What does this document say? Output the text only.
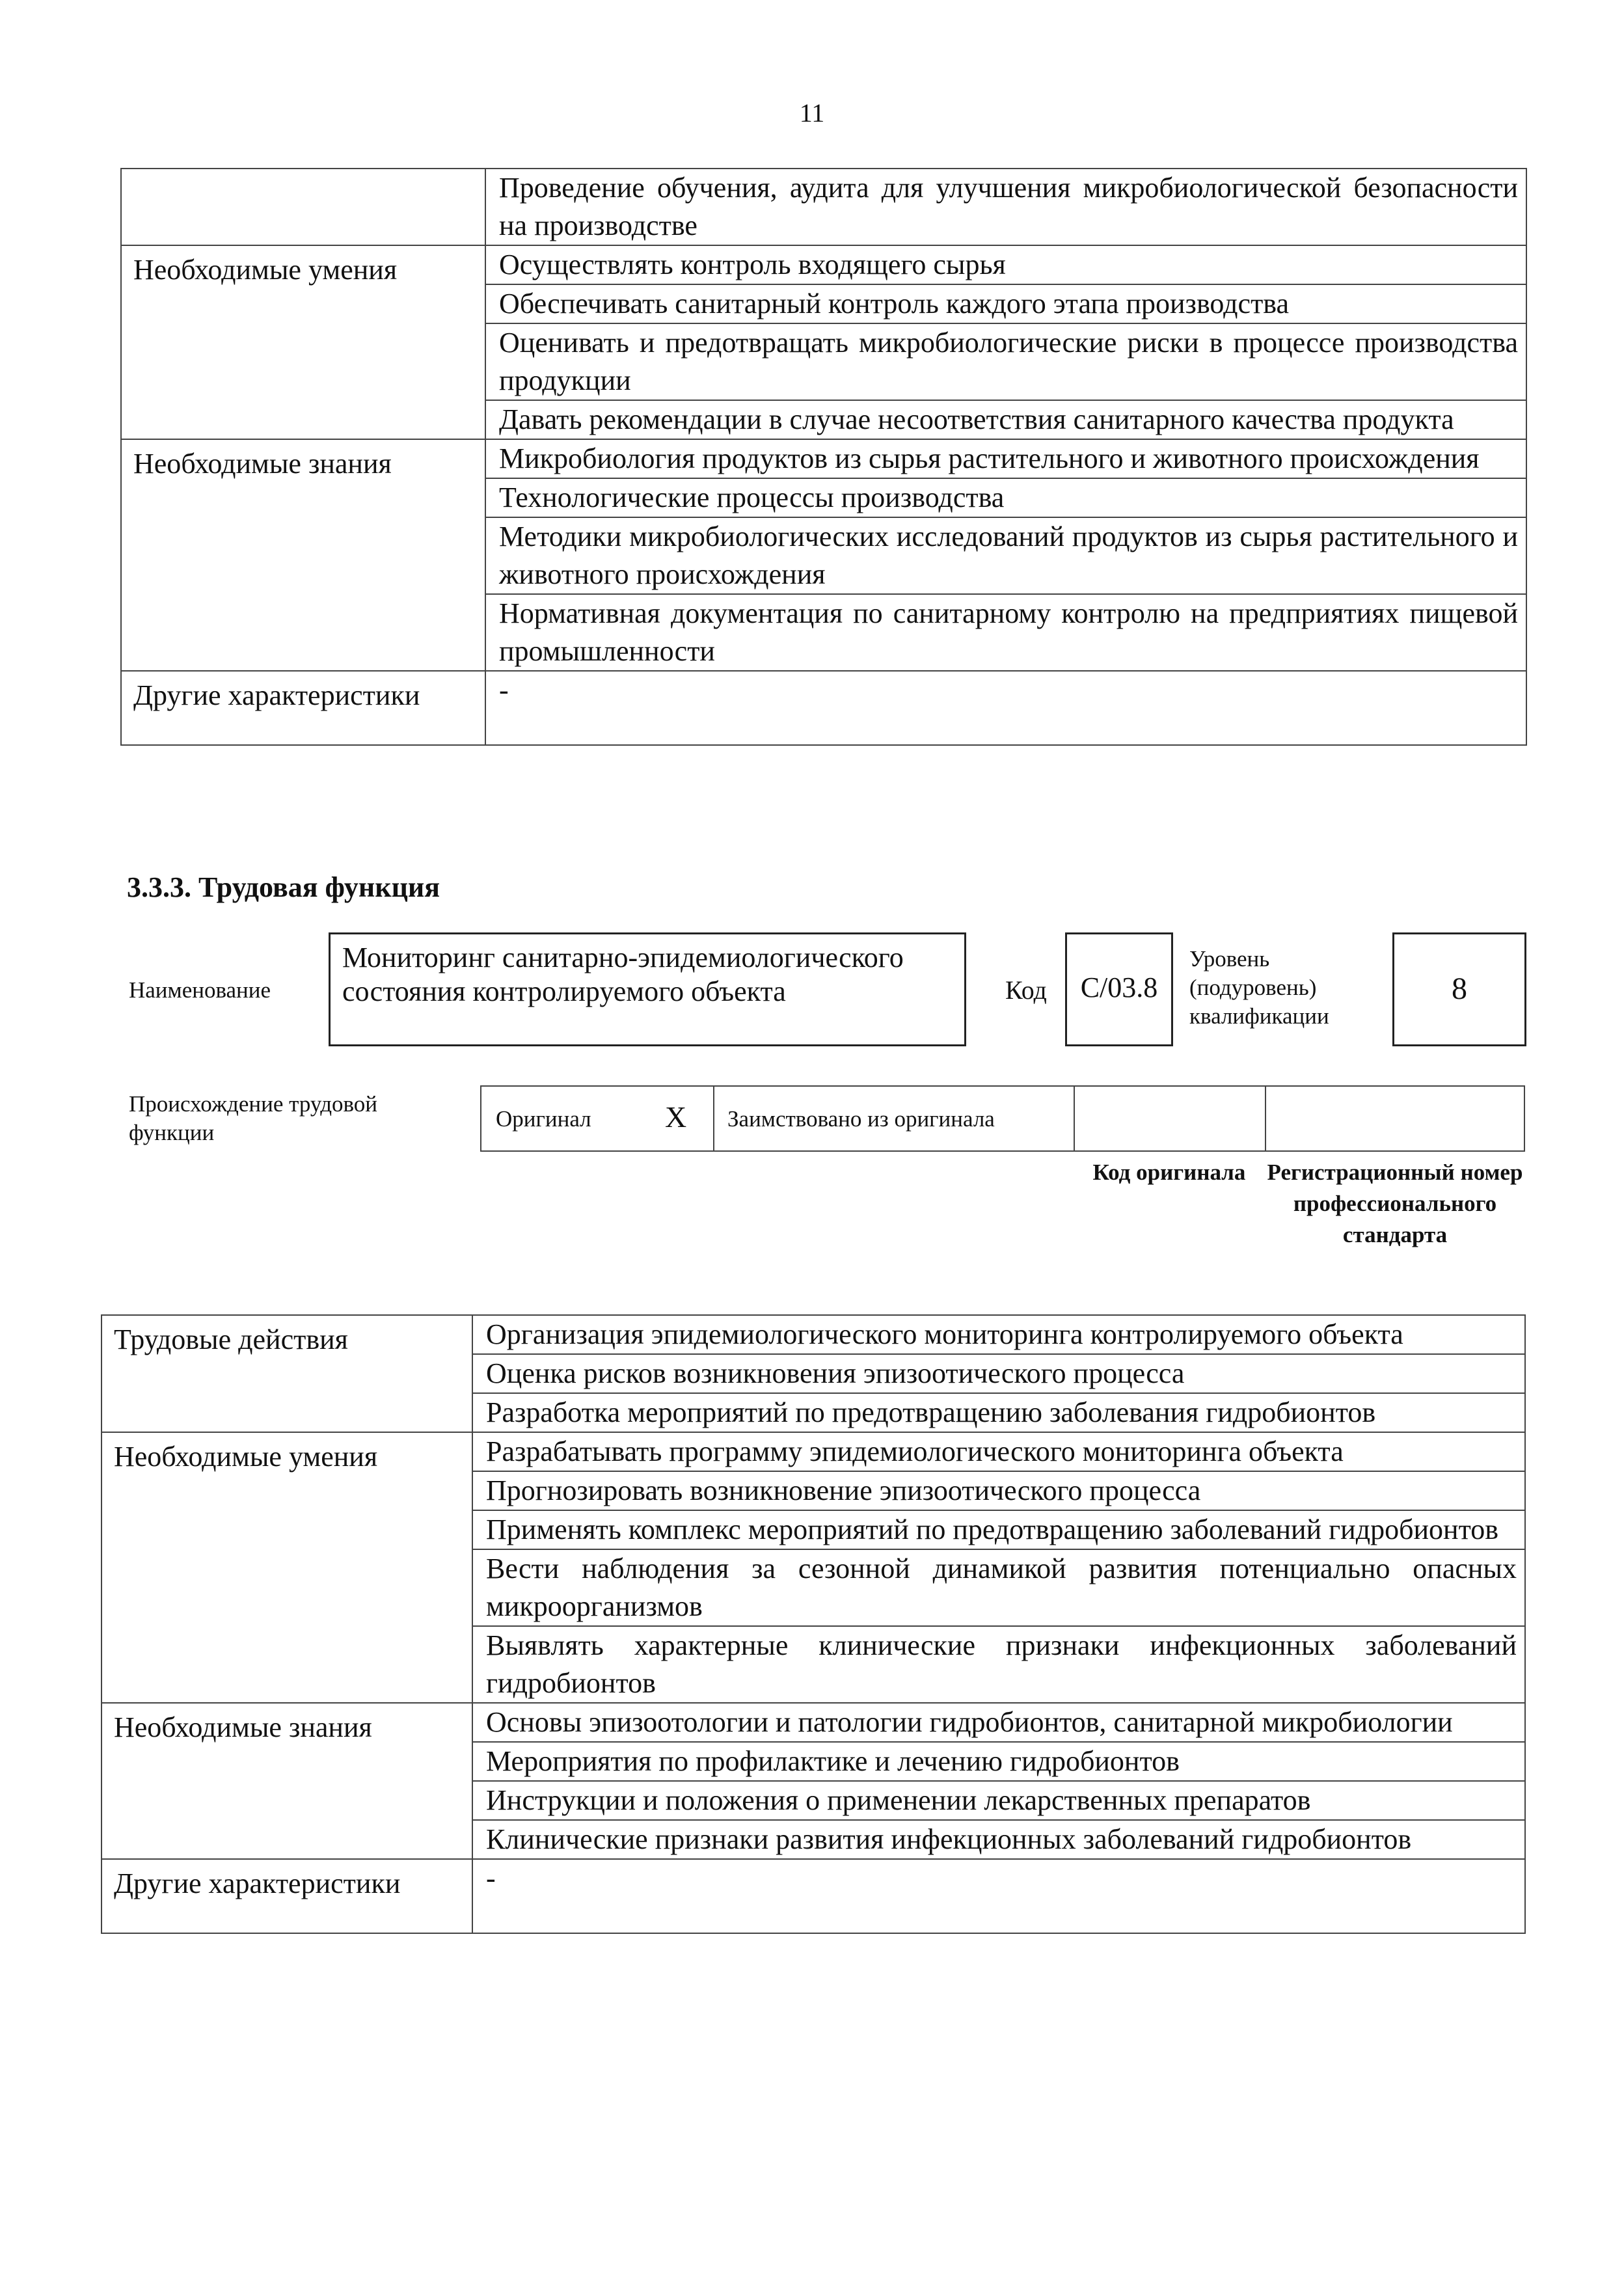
11
	Проведение обучения, аудита для улучшения микробиологической безопасности на производстве
Необходимые умения	Осуществлять контроль входящего сырья
	Обеспечивать санитарный контроль каждого этапа производства
	Оценивать и предотвращать микробиологические риски в процессе производства продукции
	Давать рекомендации в случае несоответствия санитарного качества продукта
Необходимые знания	Микробиология продуктов из сырья растительного и животного происхождения
	Технологические процессы производства
	Методики микробиологических исследований продуктов из сырья растительного и животного происхождения
	Нормативная документация по санитарному контролю на предприятиях пищевой промышленности
Другие характеристики	-
3.3.3. Трудовая функция
Наименование
Мониторинг санитарно-эпидемиологического состояния контролируемого объекта	Код	C/03.8
Уровень (подуровень) квалификации
8
Происхождение трудовой функции
Оригинал X Заимствовано из оригинала
Код оригинала Регистрационный номер профессионального стандарта
Трудовые действия	Организация эпидемиологического мониторинга контролируемого объекта
	Оценка рисков возникновения эпизоотического процесса
	Разработка мероприятий по предотвращению заболевания гидробионтов
Необходимые умения	Разрабатывать программу эпидемиологического мониторинга объекта
	Прогнозировать возникновение эпизоотического процесса
	Применять комплекс мероприятий по предотвращению заболеваний гидробионтов
	Вести наблюдения за сезонной динамикой развития потенциально опасных микроорганизмов
	Выявлять характерные клинические признаки инфекционных заболеваний гидробионтов
Необходимые знания	Основы эпизоотологии и патологии гидробионтов, санитарной микробиологии
	Мероприятия по профилактике и лечению гидробионтов
	Инструкции и положения о применении лекарственных препаратов
	Клинические признаки развития инфекционных заболеваний гидробионтов
Другие характеристики	-
